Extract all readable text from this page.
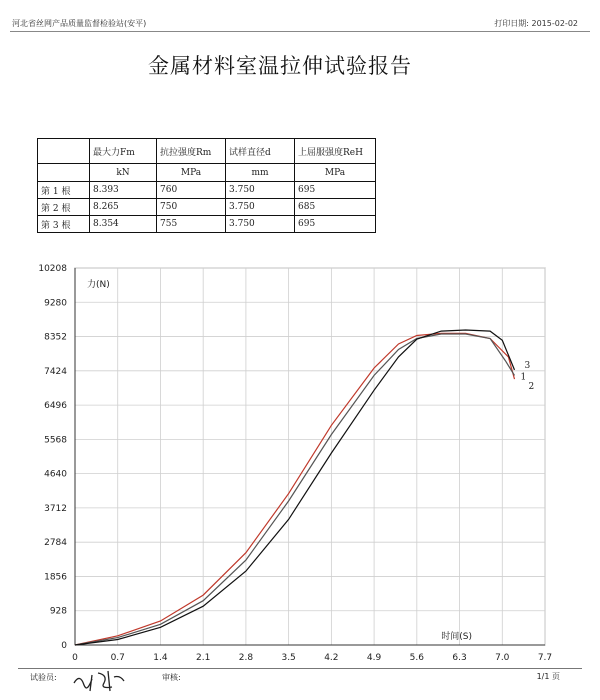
河北省丝网产品质量监督检验站(安平)	打印日期: 2015-02-02
金属材料室温拉伸试验报告
	最大力Fm	抗拉强度Rm	试样直径d	上屈服强度ReH
	kN	MPa	mm	MPa
第 1 根	8.393	760	3.750	695
第 2 根	8.265	750	3.750	685
第 3 根	8.354	755	3.750	695
0	0.7	1.4	2.1	2.8	3.5	4.2	4.9	5.6	6.3	7.0	7.7
0
928
1856
2784
3712
4640
5568
6496
7424
8352
9280
10208
力(N)
时间(S)
2
1
3
试验员:	审核:	1/1 页
